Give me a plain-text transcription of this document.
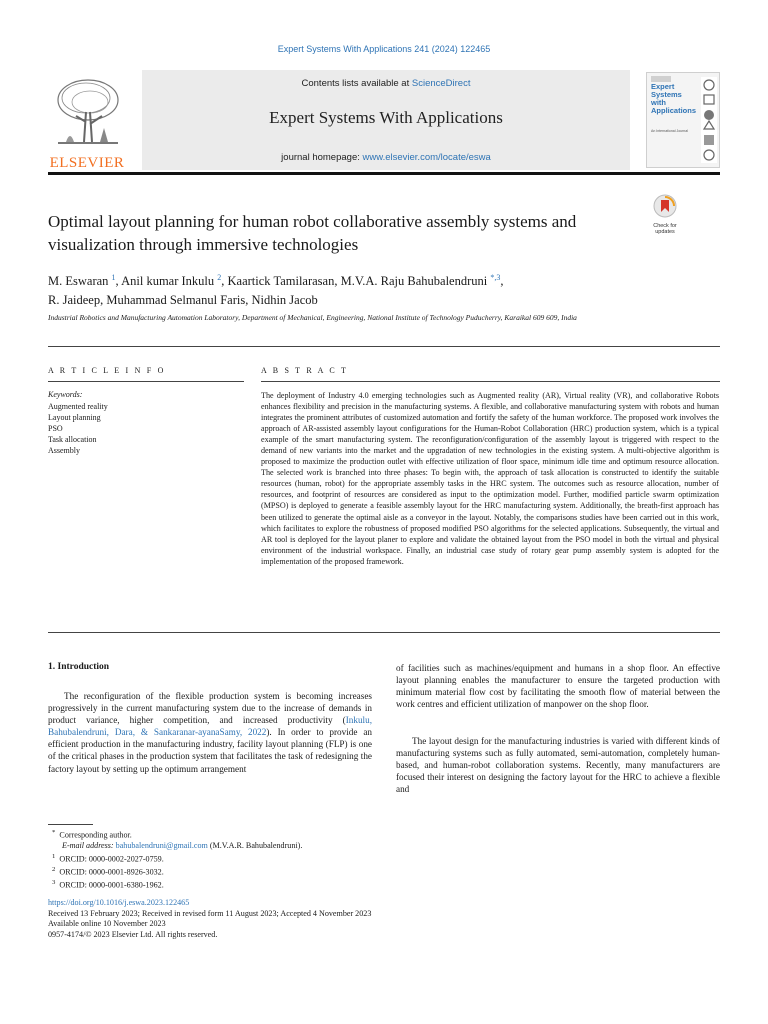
Expert Systems With Applications 241 (2024) 122465
ELSEVIER
Contents lists available at ScienceDirect
Expert Systems With Applications
journal homepage: www.elsevier.com/locate/eswa
Expert Systems with Applications
An International Journal
Optimal layout planning for human robot collaborative assembly systems and visualization through immersive technologies
Check for updates
M. Eswaran $^1$, Anil kumar Inkulu $^2$, Kaartick Tamilarasan, M.V.A. Raju Bahubalendruni $^{*,3}$,
R. Jaideep, Muhammad Selmanul Faris, Nidhin Jacob
Industrial Robotics and Manufacturing Automation Laboratory, Department of Mechanical, Engineering, National Institute of Technology Puducherry, Karaikal 609 609, India
A R T I C L E I N F O
Keywords:
Augmented reality
Layout planning
PSO
Task allocation
Assembly
A B S T R A C T
The deployment of Industry 4.0 emerging technologies such as Augmented reality (AR), Virtual reality (VR), and collaborative Robots enhances flexibility and precision in the manufacturing systems. A flexible, and collaborative manufacturing system with robots and human integrates the prominent attributes of customized automation and fortify the safety of the human workforce. The proposed work involves the approach of AR-assisted assembly layout configurations for the Human-Robot Collaboration (HRC) production system, which is a typical example of the smart manufacturing system. The reconfiguration/configuration of the assembly layout is triggered with respect to the demand of new variants into the market and the upgradation of new technologies in the existing system. A multi-objective algorithm is proposed to maximize the production outlet with effective utilization of floor space, minimum idle time and optimum resource allocation. The selected work is branched into three phases: To begin with, the approach of task allocation is constructed to identify the suitable resources (human, robot) for the appropriate assembly tasks in the HRC system. The outcomes such as resource allocation, number of resources, and footprint of resources are considered as input to the optimization model. Further, modified particle swarm optimization (MPSO) is deployed to generate a feasible assembly layout for the HRC manufacturing system. Additionally, the breath-first approach has been utilized to generate the optimal aisle as a conveyor in the layout. Notably, the comparisons studies have been carried out in this work, which facilitates to explore the robustness of proposed modified PSO algorithms for the selected applications. Subsequently, the virtual and AR tool is deployed for the layout planer to explore and validate the obtained layout from the PSO model in both the virtual and physical environment of the industrial workspace. Finally, an industrial case study of rotary gear pump assembly system is adopted for the implementation of the proposed framework.
1. Introduction
The reconfiguration of the flexible production system is becoming increases progressively in the current manufacturing system due to the increase of demands in product variance, higher competition, and increased productivity (Inkulu, Bahubalendruni, Dara, & Sankaranar-ayanaSamy, 2022). In order to provide an efficient production in the manufacturing industry, facility layout planning (FLP) is one of the critical phases in the production system that facilitates the task of redesigning the factory layout by setting up the optimum arrangement
of facilities such as machines/equipment and humans in a shop floor. An effective layout planning enables the manufacturer to ensure the targeted production with minimum material flow cost by facilitating the smooth flow of material between the work centres and efficient utilization of manpower on the shop floor.
The layout design for the manufacturing industries is varied with different kinds of manufacturing systems such as fully automated, semi-automation, completely human-based, and human-robot collaboration systems. Recently, many manufacturers are focused their interest on designing the factory layout for the HRC to achieve a flexible and
* Corresponding author.
E-mail address: bahubalendruni@gmail.com (M.V.A.R. Bahubalendruni).
$^1$ ORCID: 0000-0002-2027-0759.
$^2$ ORCID: 0000-0001-8926-3032.
$^3$ ORCID: 0000-0001-6380-1962.
https://doi.org/10.1016/j.eswa.2023.122465
Received 13 February 2023; Received in revised form 11 August 2023; Accepted 4 November 2023
Available online 10 November 2023
0957-4174/© 2023 Elsevier Ltd. All rights reserved.
